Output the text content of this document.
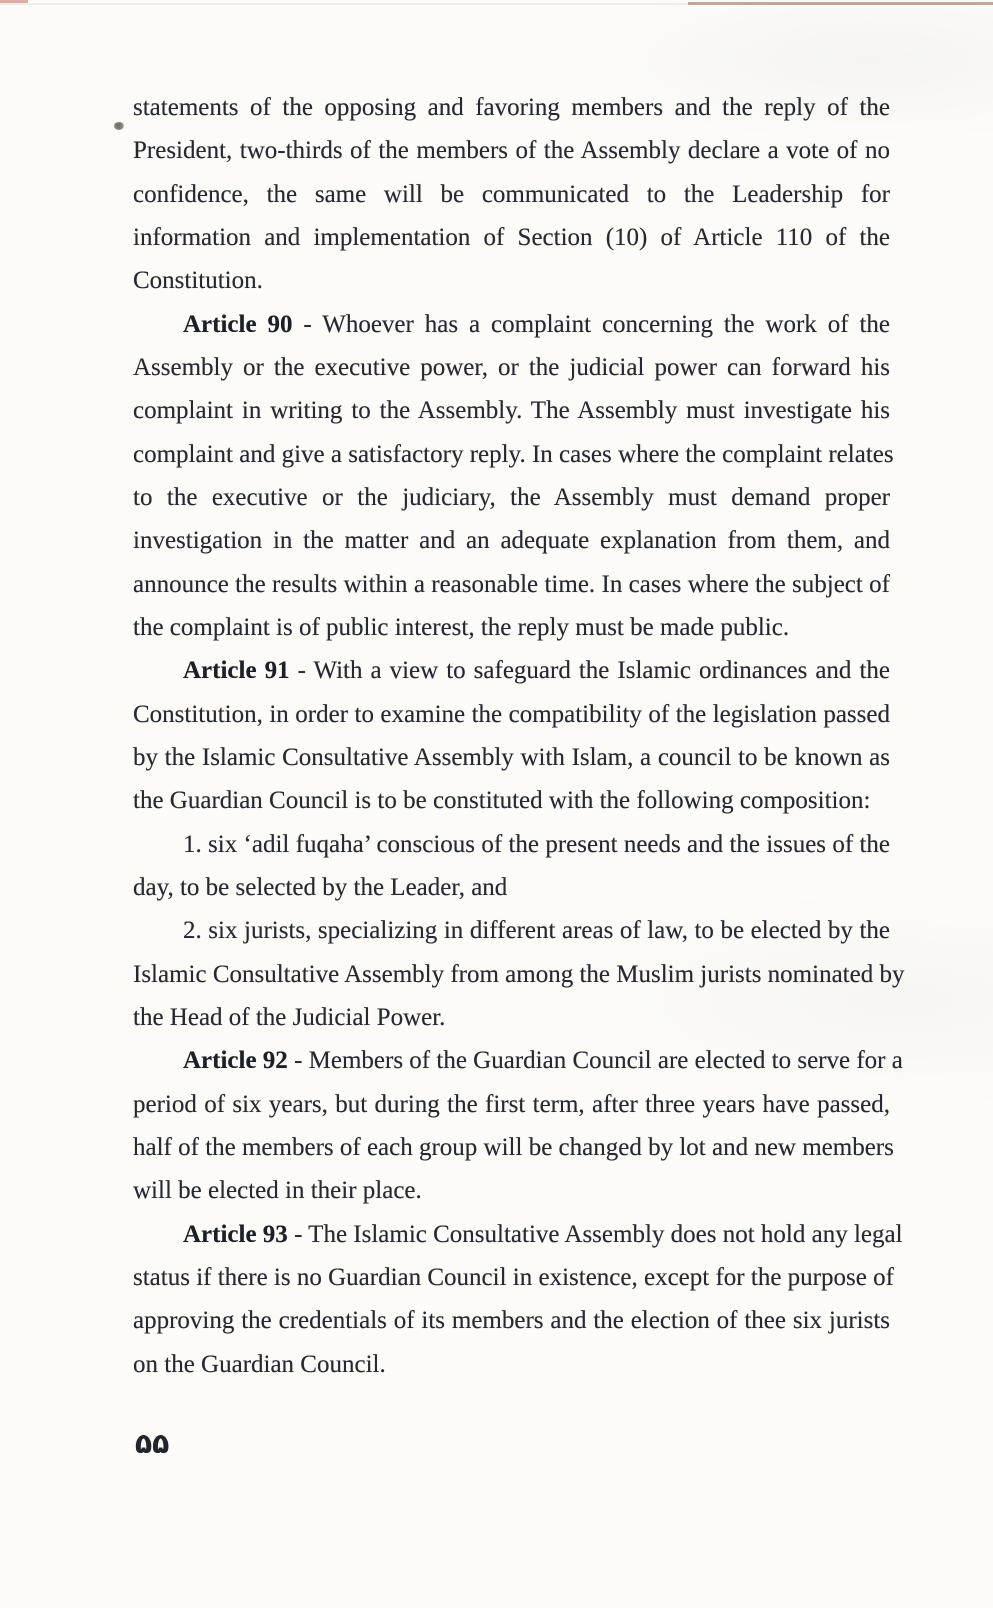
statements of the opposing and favoring members and the reply of the
President, two-thirds of the members of the Assembly declare a vote of no
confidence, the same will be communicated to the Leadership for
information and implementation of Section (10) of Article 110 of the
Constitution.
Article 90 - Whoever has a complaint concerning the work of the
Assembly or the executive power, or the judicial power can forward his
complaint in writing to the Assembly. The Assembly must investigate his
complaint and give a satisfactory reply. In cases where the complaint relates
to the executive or the judiciary, the Assembly must demand proper
investigation in the matter and an adequate explanation from them, and
announce the results within a reasonable time. In cases where the subject of
the complaint is of public interest, the reply must be made public.
Article 91 - With a view to safeguard the Islamic ordinances and the
Constitution, in order to examine the compatibility of the legislation passed
by the Islamic Consultative Assembly with Islam, a council to be known as
the Guardian Council is to be constituted with the following composition:
1. six ‘adil fuqaha’ conscious of the present needs and the issues of the
day, to be selected by the Leader, and
2. six jurists, specializing in different areas of law, to be elected by the
Islamic Consultative Assembly from among the Muslim jurists nominated by
the Head of the Judicial Power.
Article 92 - Members of the Guardian Council are elected to serve for a
period of six years, but during the first term, after three years have passed,
half of the members of each group will be changed by lot and new members
will be elected in their place.
Article 93 - The Islamic Consultative Assembly does not hold any legal
status if there is no Guardian Council in existence, except for the purpose of
approving the credentials of its members and the election of thee six jurists
on the Guardian Council.
۵۵
